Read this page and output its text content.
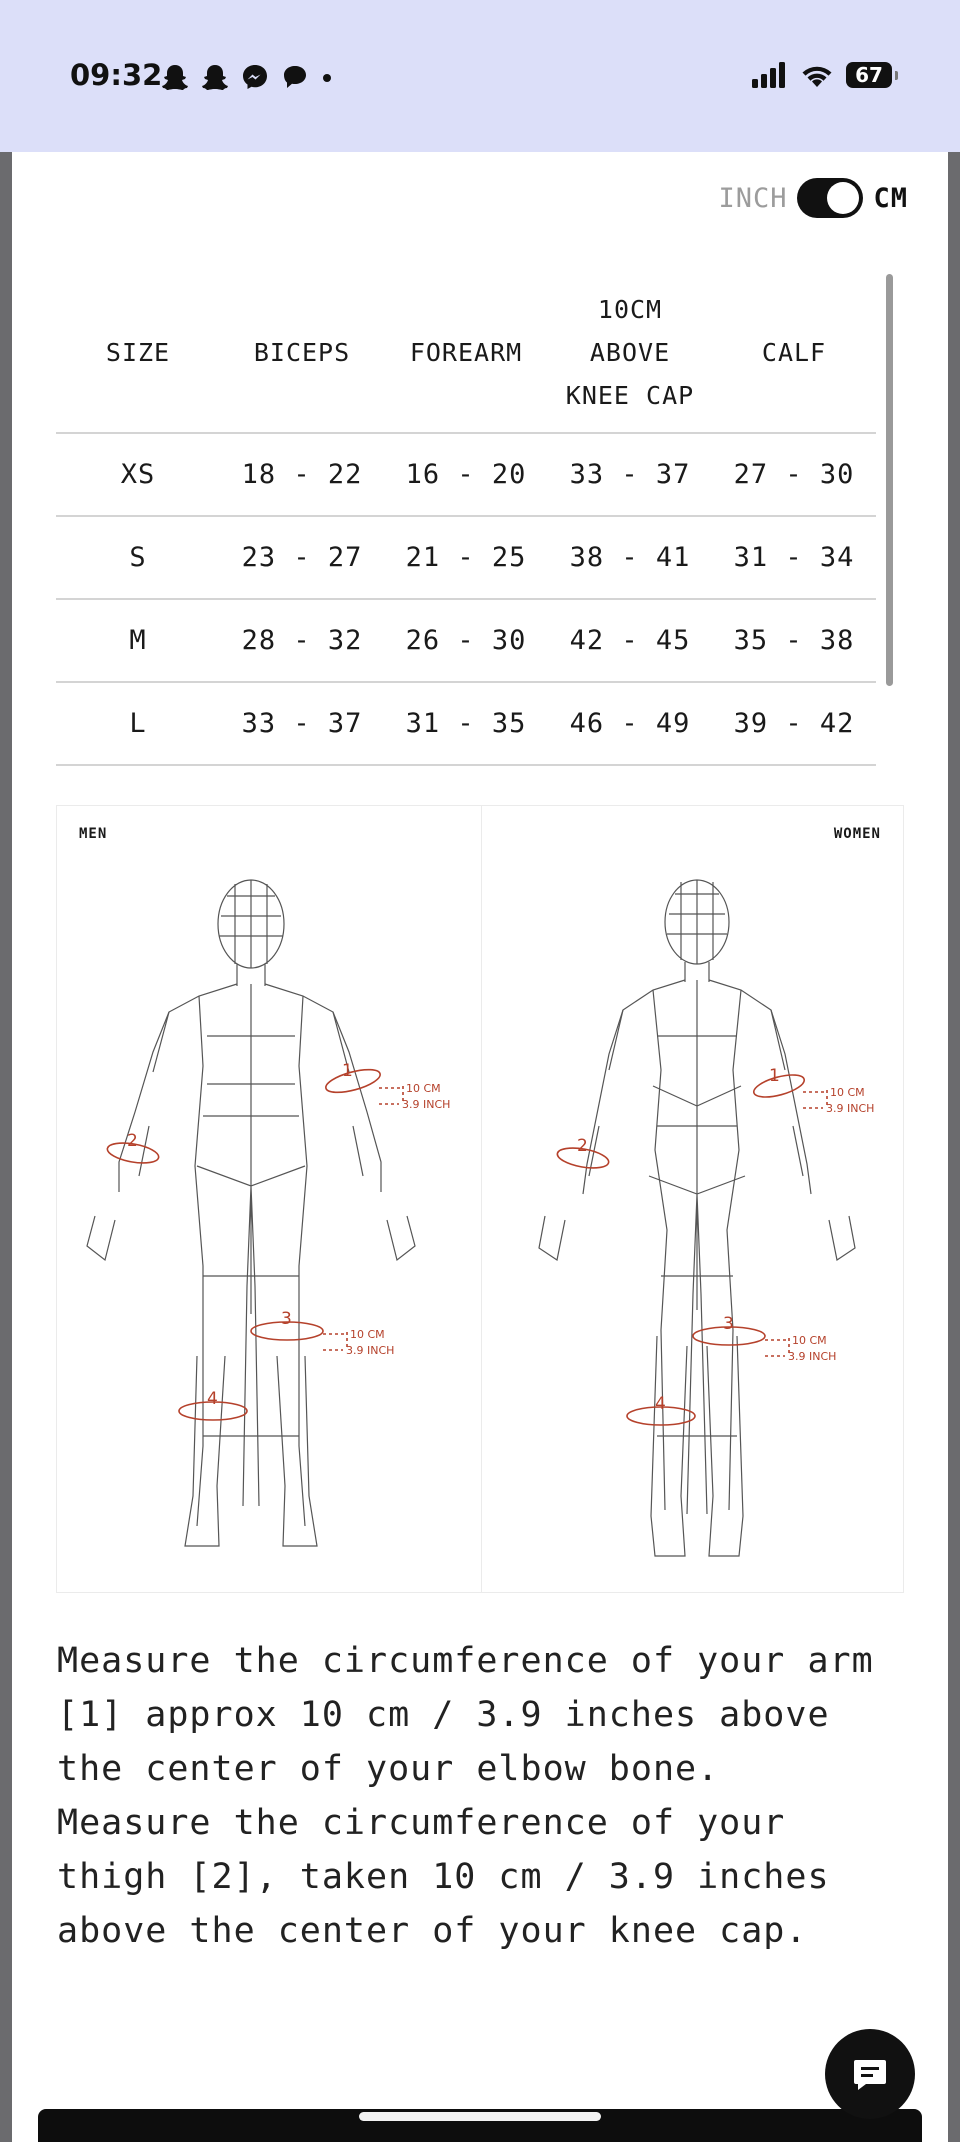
09:32	67
INCH	CM
SIZE	BICEPS	FOREARM	10CM
ABOVE
KNEE CAP	CALF
XS	18 - 22	16 - 20	33 - 37	27 - 30
S	23 - 27	21 - 25	38 - 41	31 - 34
M	28 - 32	26 - 30	42 - 45	35 - 38
L	33 - 37	31 - 35	46 - 49	39 - 42
MEN	WOMEN
1
2
3
4
10 CM
3.9 INCH
10 CM
3.9 INCH
1
2
3
4
10 CM
3.9 INCH
10 CM
3.9 INCH

Measure the circumference of your arm [1] approx 10 cm / 3.9 inches above the center of your elbow bone.

Measure the circumference of your thigh [2], taken 10 cm / 3.9 inches above the center of your knee cap.
